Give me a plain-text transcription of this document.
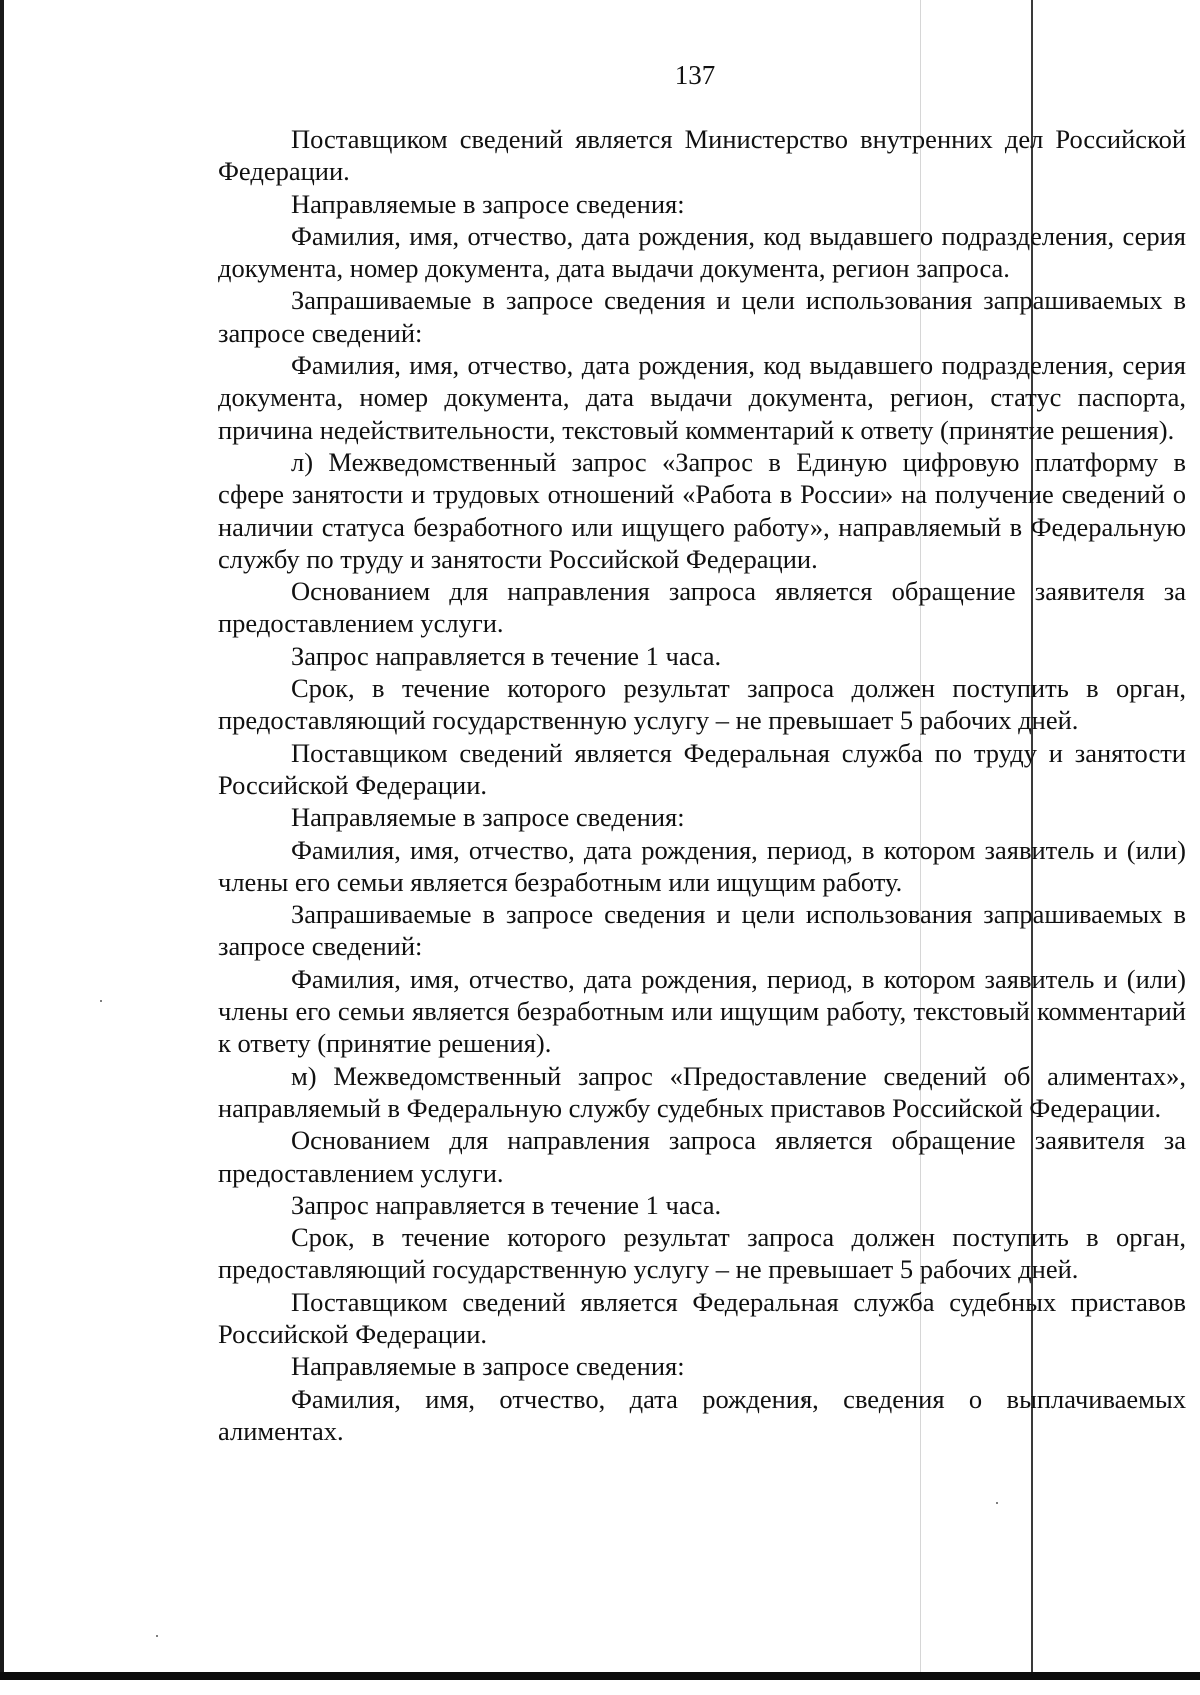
137

Поставщиком сведений является Министерство внутренних дел Российской Федерации.

Направляемые в запросе сведения:

Фамилия, имя, отчество, дата рождения, код выдавшего подразделения, серия документа, номер документа, дата выдачи документа, регион запроса.

Запрашиваемые в запросе сведения и цели использования запрашиваемых в запросе сведений:

Фамилия, имя, отчество, дата рождения, код выдавшего подразделения, серия документа, номер документа, дата выдачи документа, регион, статус паспорта, причина недействительности, текстовый комментарий к ответу (принятие решения).

л) Межведомственный запрос «Запрос в Единую цифровую платформу в сфере занятости и трудовых отношений «Работа в России» на получение сведений о наличии статуса безработного или ищущего работу», направляемый в Федеральную службу по труду и занятости Российской Федерации.

Основанием для направления запроса является обращение заявителя за предоставлением услуги.

Запрос направляется в течение 1 часа.

Срок, в течение которого результат запроса должен поступить в орган, предоставляющий государственную услугу – не превышает 5 рабочих дней.

Поставщиком сведений является Федеральная служба по труду и занятости Российской Федерации.

Направляемые в запросе сведения:

Фамилия, имя, отчество, дата рождения, период, в котором заявитель и (или) члены его семьи является безработным или ищущим работу.

Запрашиваемые в запросе сведения и цели использования запрашиваемых в запросе сведений:

Фамилия, имя, отчество, дата рождения, период, в котором заявитель и (или) члены его семьи является безработным или ищущим работу, текстовый комментарий к ответу (принятие решения).

м) Межведомственный запрос «Предоставление сведений об алиментах», направляемый в Федеральную службу судебных приставов Российской Федерации.

Основанием для направления запроса является обращение заявителя за предоставлением услуги.

Запрос направляется в течение 1 часа.

Срок, в течение которого результат запроса должен поступить в орган, предоставляющий государственную услугу – не превышает 5 рабочих дней.

Поставщиком сведений является Федеральная служба судебных приставов Российской Федерации.

Направляемые в запросе сведения:

Фамилия, имя, отчество, дата рождения, сведения о выплачиваемых алиментах.
